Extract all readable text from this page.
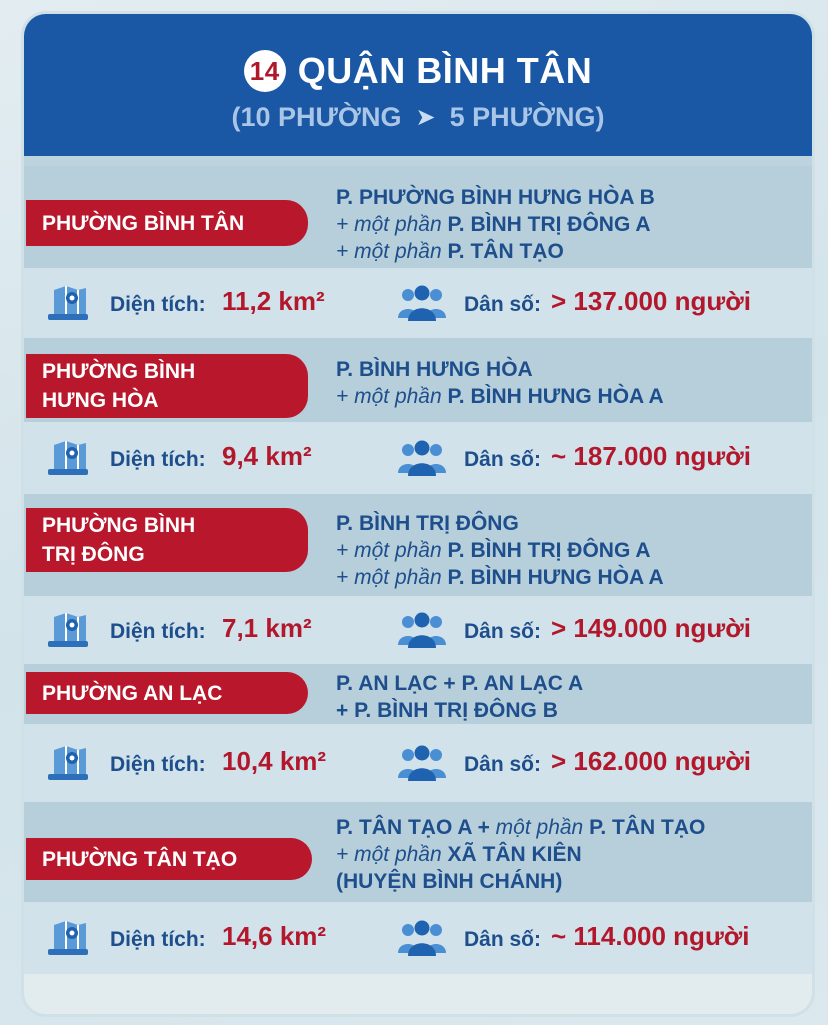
14 QUẬN BÌNH TÂN
(10 PHƯỜNG ➤ 5 PHƯỜNG)
PHƯỜNG BÌNH TÂN
P. PHƯỜNG BÌNH HƯNG HÒA B
+ một phần P. BÌNH TRỊ ĐÔNG A
+ một phần P. TÂN TẠO
Diện tích: 11,2 km²	Dân số: > 137.000 người
PHƯỜNG BÌNH
HƯNG HÒA
P. BÌNH HƯNG HÒA
+ một phần P. BÌNH HƯNG HÒA A
Diện tích: 9,4 km²	Dân số: ~ 187.000 người
PHƯỜNG BÌNH
TRỊ ĐÔNG
P. BÌNH TRỊ ĐÔNG
+ một phần P. BÌNH TRỊ ĐÔNG A
+ một phần P. BÌNH HƯNG HÒA A
Diện tích: 7,1 km²	Dân số: > 149.000 người
PHƯỜNG AN LẠC	P. AN LẠC + P. AN LẠC A
+ P. BÌNH TRỊ ĐÔNG B
Diện tích: 10,4 km²	Dân số: > 162.000 người
PHƯỜNG TÂN TẠO
P. TÂN TẠO A + một phần P. TÂN TẠO
+ một phần XÃ TÂN KIÊN
(HUYỆN BÌNH CHÁNH)
Diện tích: 14,6 km²	Dân số: ~ 114.000 người
